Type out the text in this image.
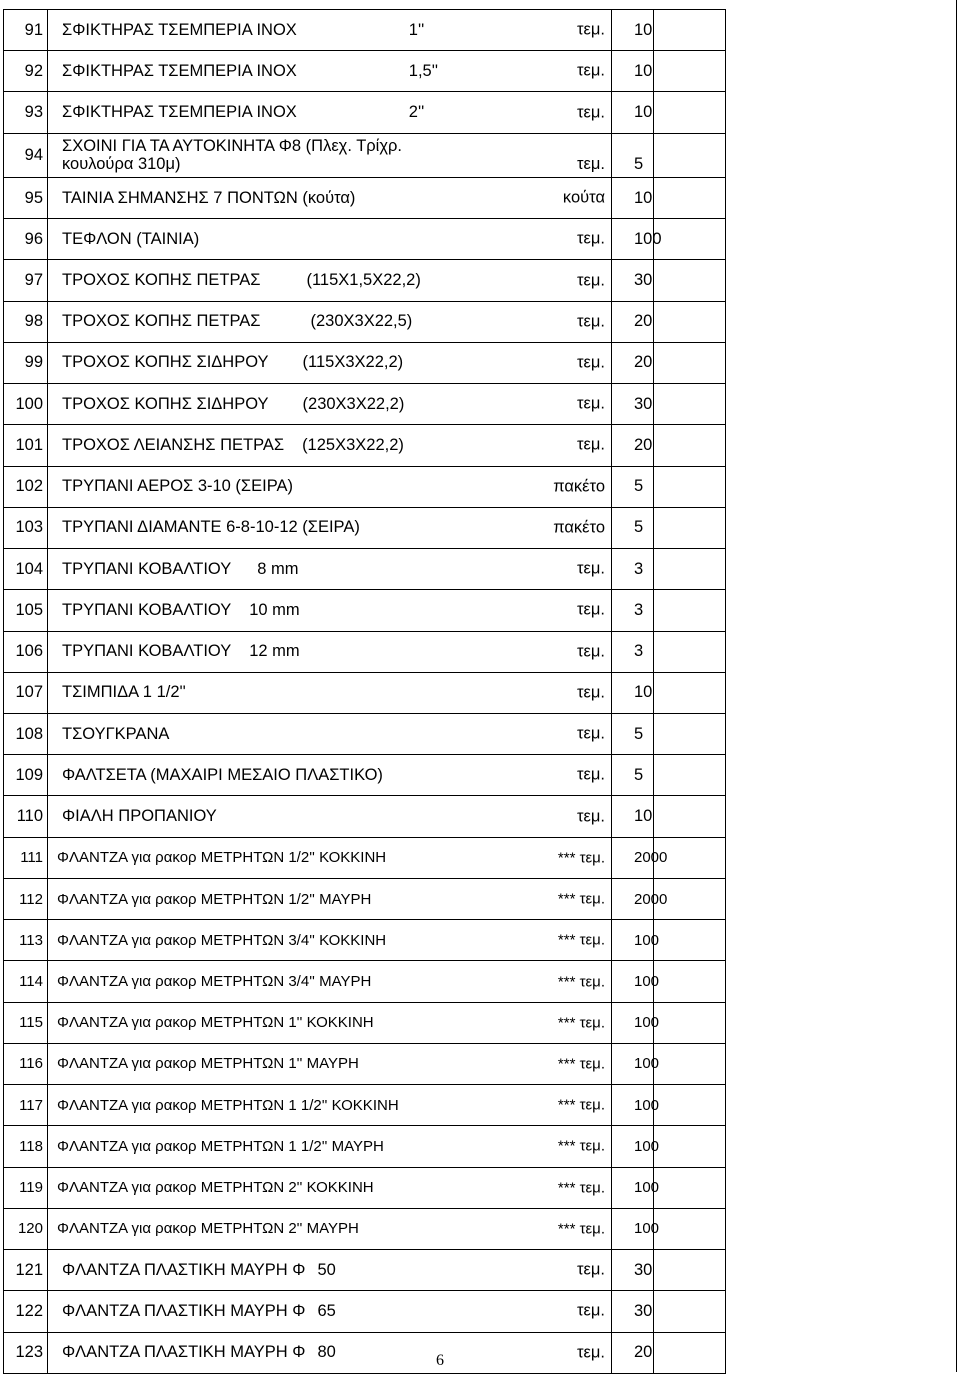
91	ΣΦΙΚΤΗΡΑΣ ΤΣΕΜΠΕΡΙΑ ΙΝΟΧ 1'' τεμ.	10	
92	ΣΦΙΚΤΗΡΑΣ ΤΣΕΜΠΕΡΙΑ ΙΝΟΧ 1,5'' τεμ.	10	
93	ΣΦΙΚΤΗΡΑΣ ΤΣΕΜΠΕΡΙΑ ΙΝΟΧ 2'' τεμ.	10	
94	ΣΧΟΙΝΙ ΓΙΑ ΤΑ ΑΥΤΟΚΙΝΗΤΑ Φ8 (Πλεχ. Τρίχρ.
κουλούρα 310μ) τεμ.	5	
95	ΤΑΙΝΙΑ ΣΗΜΑΝΣΗΣ 7 ΠΟΝΤΩΝ (κούτα) κούτα	10	
96	ΤΕΦΛΟΝ (ΤΑΙΝΙΑ) τεμ.	100	
97	ΤΡΟΧΟΣ ΚΟΠΗΣ ΠΕΤΡΑΣ (115Χ1,5Χ22,2) τεμ.	30	
98	ΤΡΟΧΟΣ ΚΟΠΗΣ ΠΕΤΡΑΣ (230Χ3Χ22,5) τεμ.	20	
99	ΤΡΟΧΟΣ ΚΟΠΗΣ ΣΙΔΗΡΟΥ (115Χ3Χ22,2) τεμ.	20	
100	ΤΡΟΧΟΣ ΚΟΠΗΣ ΣΙΔΗΡΟΥ (230Χ3Χ22,2) τεμ.	30	
101	ΤΡΟΧΟΣ ΛΕΙΑΝΣΗΣ ΠΕΤΡΑΣ (125Χ3Χ22,2) τεμ.	20	
102	ΤΡΥΠΑΝΙ ΑΕΡΟΣ 3-10 (ΣΕΙΡΑ) πακέτο	5	
103	ΤΡΥΠΑΝΙ ΔΙΑΜΑΝΤΕ 6-8-10-12 (ΣΕΙΡΑ) πακέτο	5	
104	ΤΡΥΠΑΝΙ ΚΟΒΑΛΤΙΟΥ 8 mm τεμ.	3	
105	ΤΡΥΠΑΝΙ ΚΟΒΑΛΤΙΟΥ 10 mm τεμ.	3	
106	ΤΡΥΠΑΝΙ ΚΟΒΑΛΤΙΟΥ 12 mm τεμ.	3	
107	ΤΣΙΜΠΙΔΑ 1 1/2'' τεμ.	10	
108	ΤΣΟΥΓΚΡΑΝΑ τεμ.	5	
109	ΦΑΛΤΣΕΤΑ (ΜΑΧΑΙΡΙ ΜΕΣΑΙΟ ΠΛΑΣΤΙΚΟ) τεμ.	5	
110	ΦΙΑΛΗ ΠΡΟΠΑΝΙΟΥ τεμ.	10	
111	ΦΛΑΝΤΖΑ για ρακορ ΜΕΤΡΗΤΩΝ 1/2'' ΚΟΚΚΙΝΗ *** τεμ.	2000	
112	ΦΛΑΝΤΖΑ για ρακορ ΜΕΤΡΗΤΩΝ 1/2'' ΜΑΥΡΗ *** τεμ.	2000	
113	ΦΛΑΝΤΖΑ για ρακορ ΜΕΤΡΗΤΩΝ 3/4'' ΚΟΚΚΙΝΗ *** τεμ.	100	
114	ΦΛΑΝΤΖΑ για ρακορ ΜΕΤΡΗΤΩΝ 3/4'' ΜΑΥΡΗ *** τεμ.	100	
115	ΦΛΑΝΤΖΑ για ρακορ ΜΕΤΡΗΤΩΝ 1'' ΚΟΚΚΙΝΗ *** τεμ.	100	
116	ΦΛΑΝΤΖΑ για ρακορ ΜΕΤΡΗΤΩΝ 1'' ΜΑΥΡΗ *** τεμ.	100	
117	ΦΛΑΝΤΖΑ για ρακορ ΜΕΤΡΗΤΩΝ 1 1/2'' ΚΟΚΚΙΝΗ *** τεμ.	100	
118	ΦΛΑΝΤΖΑ για ρακορ ΜΕΤΡΗΤΩΝ 1 1/2'' ΜΑΥΡΗ *** τεμ.	100	
119	ΦΛΑΝΤΖΑ για ρακορ ΜΕΤΡΗΤΩΝ 2'' ΚΟΚΚΙΝΗ *** τεμ.	100	
120	ΦΛΑΝΤΖΑ για ρακορ ΜΕΤΡΗΤΩΝ 2'' ΜΑΥΡΗ *** τεμ.	100	
121	ΦΛΑΝΤΖΑ ΠΛΑΣΤΙΚΗ ΜΑΥΡΗ Φ 50 τεμ.	30	
122	ΦΛΑΝΤΖΑ ΠΛΑΣΤΙΚΗ ΜΑΥΡΗ Φ 65 τεμ.	30	
123	ΦΛΑΝΤΖΑ ΠΛΑΣΤΙΚΗ ΜΑΥΡΗ Φ 80 τεμ.	20	
6
